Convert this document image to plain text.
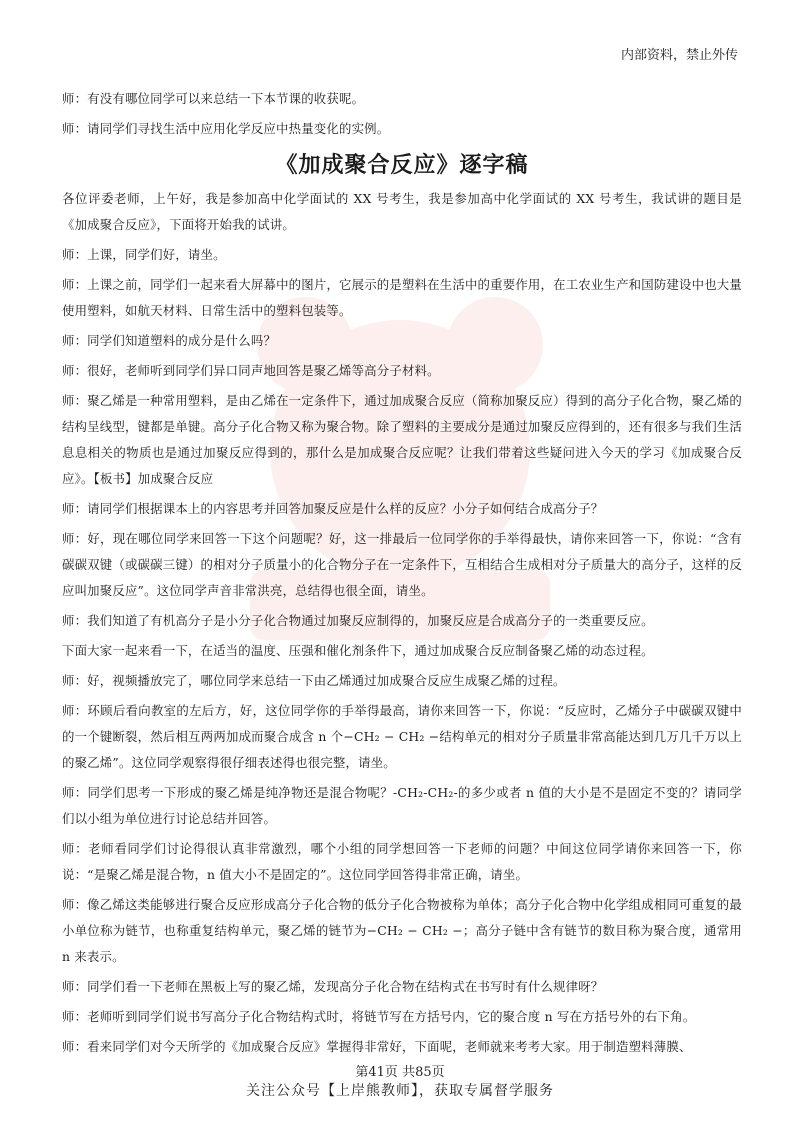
内部资料，禁止外传

师：有没有哪位同学可以来总结一下本节课的收获呢。

师：请同学们寻找生活中应用化学反应中热量变化的实例。

《加成聚合反应》逐字稿

各位评委老师，上午好，我是参加高中化学面试的 XX 号考生，我是参加高中化学面试的 XX 号考生，我试讲的题目是《加成聚合反应》，下面将开始我的试讲。

师：上课，同学们好，请坐。

师：上课之前，同学们一起来看大屏幕中的图片，它展示的是塑料在生活中的重要作用，在工农业生产和国防建设中也大量使用塑料，如航天材料、日常生活中的塑料包装等。

师：同学们知道塑料的成分是什么吗？

师：很好，老师听到同学们异口同声地回答是聚乙烯等高分子材料。

师：聚乙烯是一种常用塑料，是由乙烯在一定条件下，通过加成聚合反应（简称加聚反应）得到的高分子化合物，聚乙烯的结构呈线型，键都是单键。高分子化合物又称为聚合物。除了塑料的主要成分是通过加聚反应得到的，还有很多与我们生活息息相关的物质也是通过加聚反应得到的，那什么是加成聚合反应呢？让我们带着这些疑问进入今天的学习《加成聚合反应》。【板书】加成聚合反应

师：请同学们根据课本上的内容思考并回答加聚反应是什么样的反应？小分子如何结合成高分子？

师：好，现在哪位同学来回答一下这个问题呢？好，这一排最后一位同学你的手举得最快，请你来回答一下，你说：“含有碳碳双键（或碳碳三键）的相对分子质量小的化合物分子在一定条件下，互相结合生成相对分子质量大的高分子，这样的反应叫加聚反应”。这位同学声音非常洪亮，总结得也很全面，请坐。

师：我们知道了有机高分子是小分子化合物通过加聚反应制得的，加聚反应是合成高分子的一类重要反应。

下面大家一起来看一下，在适当的温度、压强和催化剂条件下，通过加成聚合反应制备聚乙烯的动态过程。

师：好，视频播放完了，哪位同学来总结一下由乙烯通过加成聚合反应生成聚乙烯的过程。

师：环顾后看向教室的左后方，好，这位同学你的手举得最高，请你来回答一下，你说：“反应时，乙烯分子中碳碳双键中的一个键断裂，然后相互两两加成而聚合成含 n 个−CH₂ − CH₂ −结构单元的相对分子质量非常高能达到几万几千万以上的聚乙烯”。这位同学观察得很仔细表述得也很完整，请坐。

师：同学们思考一下形成的聚乙烯是纯净物还是混合物呢？-CH₂-CH₂-的多少或者 n 值的大小是不是固定不变的？请同学们以小组为单位进行讨论总结并回答。

师：老师看同学们讨论得很认真非常激烈，哪个小组的同学想回答一下老师的问题？中间这位同学请你来回答一下，你说：“是聚乙烯是混合物，n 值大小不是固定的”。这位同学回答得非常正确，请坐。

师：像乙烯这类能够进行聚合反应形成高分子化合物的低分子化合物被称为单体；高分子化合物中化学组成相同可重复的最小单位称为链节，也称重复结构单元，聚乙烯的链节为−CH₂ − CH₂ −；高分子链中含有链节的数目称为聚合度，通常用 n 来表示。

师：同学们看一下老师在黑板上写的聚乙烯，发现高分子化合物在结构式在书写时有什么规律呀？

师：老师听到同学们说书写高分子化合物结构式时，将链节写在方括号内，它的聚合度 n 写在方括号外的右下角。

师：看来同学们对今天所学的《加成聚合反应》掌握得非常好，下面呢，老师就来考考大家。用于制造塑料薄膜、

第41页 共85页
关注公众号【上岸熊教师】，获取专属督学服务
